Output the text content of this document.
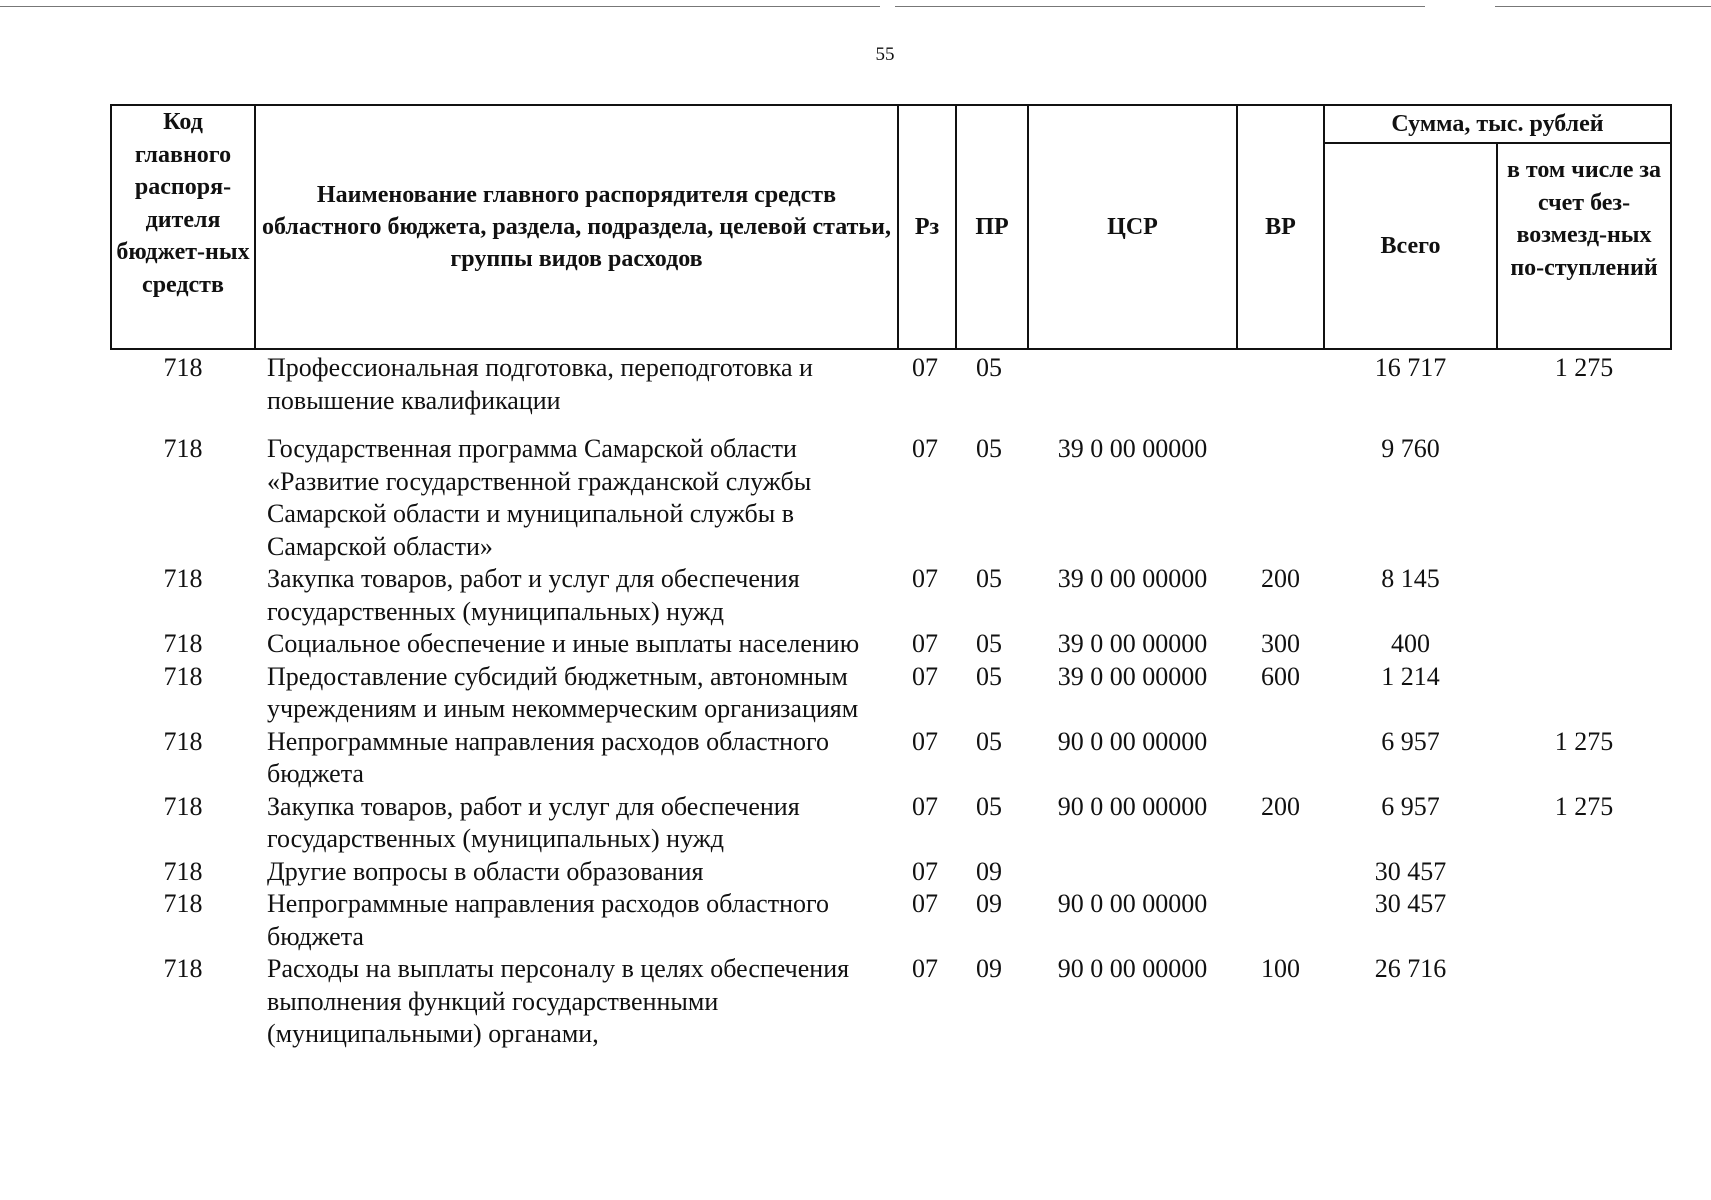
55
Код главного распоря-дителя бюджет-ных средств	Наименование главного распорядителя средств областного бюджета, раздела, подраздела, целевой статьи, группы видов расходов	Рз	ПР	ЦСР	ВР	Сумма, тыс. рублей	
						Всего	в том числе за счет без-возмезд-ных по-ступлений
718	Профессиональная подготовка, переподготовка и повышение квалификации	07	05			16 717	1 275
718	Государственная программа Самарской области «Развитие государственной гражданской службы Самарской области и муниципальной службы в Самарской области»	07	05	39 0 00 00000		9 760	
718	Закупка товаров, работ и услуг для обеспечения государственных (муниципальных) нужд	07	05	39 0 00 00000	200	8 145	
718	Социальное обеспечение и иные выплаты населению	07	05	39 0 00 00000	300	400	
718	Предоставление субсидий бюджетным, автономным учреждениям и иным некоммерческим организациям	07	05	39 0 00 00000	600	1 214	
718	Непрограммные направления расходов областного бюджета	07	05	90 0 00 00000		6 957	1 275
718	Закупка товаров, работ и услуг для обеспечения государственных (муниципальных) нужд	07	05	90 0 00 00000	200	6 957	1 275
718	Другие вопросы в области образования	07	09			30 457	
718	Непрограммные направления расходов областного бюджета	07	09	90 0 00 00000		30 457	
718	Расходы на выплаты персоналу в целях обеспечения выполнения функций государственными (муниципальными) органами,	07	09	90 0 00 00000	100	26 716	
